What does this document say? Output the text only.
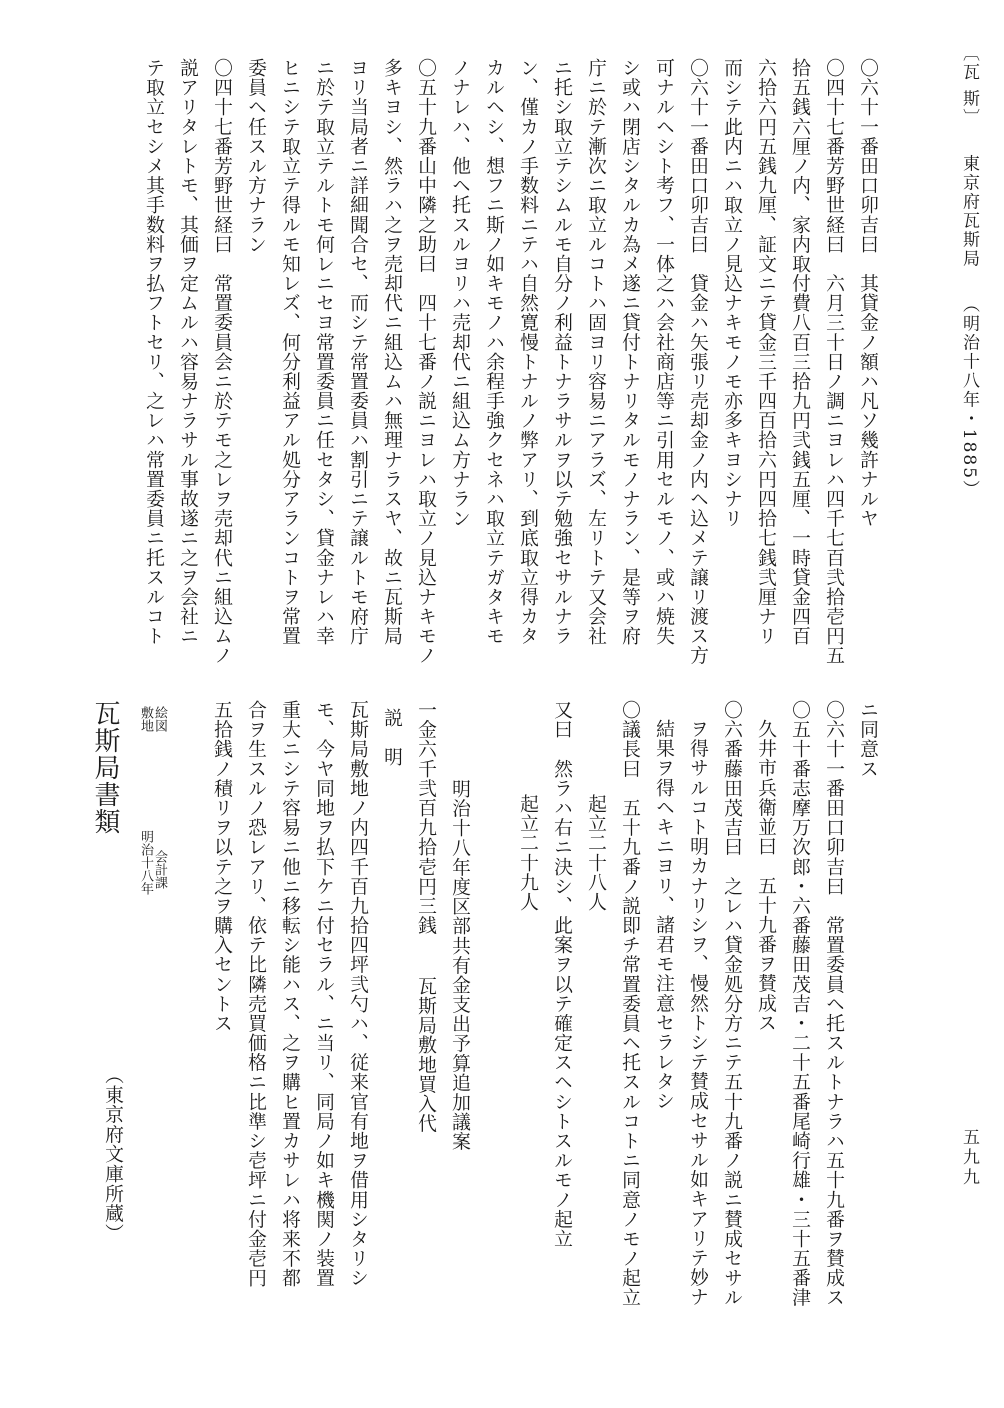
〔瓦 斯〕東京府瓦斯局（明治十八年・1885）
〇六十一番田口卯吉曰　其貸金ノ額ハ凡ソ幾許ナルヤ
〇四十七番芳野世経曰　六月三十日ノ調ニヨレハ四千七百弐拾壱円五
拾五銭六厘ノ内、家内取付費八百三拾九円弐銭五厘、一時貸金四百
六拾六円五銭九厘、証文ニテ貸金三千四百拾六円四拾七銭弐厘ナリ
而シテ此内ニハ取立ノ見込ナキモノモ亦多キヨシナリ
〇六十一番田口卯吉曰　貸金ハ矢張リ売却金ノ内ヘ込メテ譲リ渡ス方
可ナルヘシト考フ、一体之ハ会社商店等ニ引用セルモノ、或ハ焼失
シ或ハ閉店シタルカ為メ遂ニ貸付トナリタルモノナラン、是等ヲ府
庁ニ於テ漸次ニ取立ルコトハ固ヨリ容易ニアラズ、左リトテ又会社
ニ托シ取立テシムルモ自分ノ利益トナラサルヲ以テ勉強セサルナラ
ン、僅カノ手数料ニテハ自然寛慢トナルノ弊アリ、到底取立得カタ
カルヘシ、想フニ斯ノ如キモノハ余程手強クセネハ取立テガタキモ
ノナレハ、他ヘ托スルヨリハ売却代ニ組込ム方ナラン
〇五十九番山中隣之助曰　四十七番ノ説ニヨレハ取立ノ見込ナキモノ
多キヨシ、然ラハ之ヲ売却代ニ組込ムハ無理ナラスヤ、故ニ瓦斯局
ヨリ当局者ニ詳細聞合セ、而シテ常置委員ハ割引ニテ譲ルトモ府庁
ニ於テ取立テルトモ何レニセヨ常置委員ニ任セタシ、貸金ナレハ幸
ヒニシテ取立テ得ルモ知レズ、何分利益アル処分アランコトヲ常置
委員ヘ任スル方ナラン
〇四十七番芳野世経曰　常置委員会ニ於テモ之レヲ売却代ニ組込ムノ
説アリタレトモ、其価ヲ定ムルハ容易ナラサル事故遂ニ之ヲ会社ニ
テ取立セシメ其手数料ヲ払フトセリ、之レハ常置委員ニ托スルコト
ニ同意ス
〇六十一番田口卯吉曰　常置委員ヘ托スルトナラハ五十九番ヲ賛成ス
〇五十番志摩万次郎・六番藤田茂吉・二十五番尾崎行雄・三十五番津
久井市兵衛並曰　五十九番ヲ賛成ス
〇六番藤田茂吉曰　之レハ貸金処分方ニテ五十九番ノ説ニ賛成セサル
ヲ得サルコト明カナリシヲ、慢然トシテ賛成セサル如キアリテ妙ナ
結果ヲ得ヘキニヨリ、諸君モ注意セラレタシ
〇議長曰　五十九番ノ説即チ常置委員ヘ托スルコトニ同意ノモノ起立
起立二十八人
又曰　然ラハ右ニ決シ、此案ヲ以テ確定スヘシトスルモノ起立
起立二十九人

明治十八年度区部共有金支出予算追加議案
一金六千弐百九拾壱円三銭瓦斯局敷地買入代
説　明
瓦斯局敷地ノ内四千百九拾四坪弐勺ハ、従来官有地ヲ借用シタリシ
モ、今ヤ同地ヲ払下ケニ付セラル、ニ当リ、同局ノ如キ機関ノ装置
重大ニシテ容易ニ他ニ移転シ能ハス、之ヲ購ヒ置カサレハ将来不都
合ヲ生スルノ恐レアリ、依テ比隣売買価格ニ比準シ壱坪ニ付金壱円
五拾銭ノ積リヲ以テ之ヲ購入セントス
瓦斯局書類	敷地 絵図
明治十八年 会計課
（東京府文庫所蔵）	五九九
